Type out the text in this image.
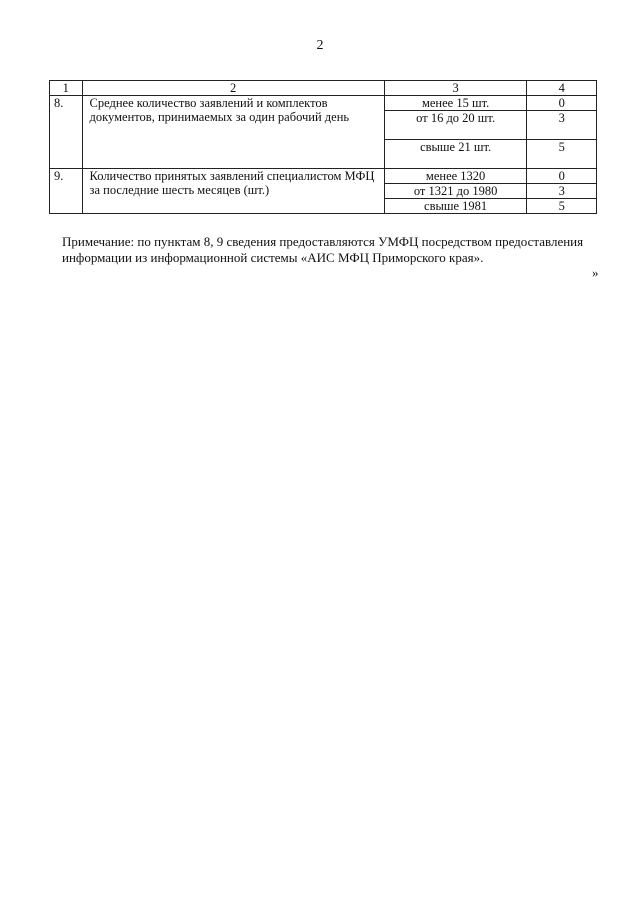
2
1	2	3	4
8.	Среднее количество заявлений и комплектов документов, принимаемых за один рабочий день	менее 15 шт.	0
		от 16 до 20 шт.	3
		свыше 21 шт.	5
9.	Количество принятых заявлений специалистом МФЦ за последние шесть месяцев (шт.)	менее 1320	0
		от 1321 до 1980	3
		свыше 1981	5
Примечание: по пунктам 8, 9 сведения предоставляются УМФЦ посредством предоставления информации из информационной системы «АИС МФЦ Приморского края».
»
